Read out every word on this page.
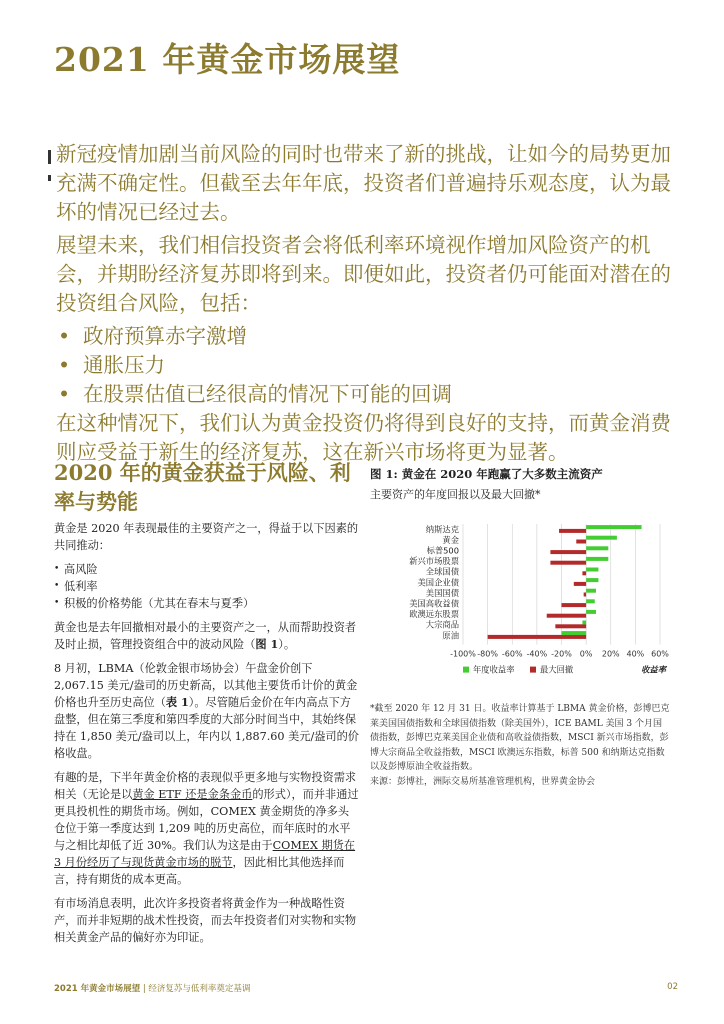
2021 年黄金市场展望

新冠疫情加剧当前风险的同时也带来了新的挑战，让如今的局势更加充满不确定性。但截至去年年底，投资者们普遍持乐观态度，认为最坏的情况已经过去。

展望未来，我们相信投资者会将低利率环境视作增加风险资产的机会，并期盼经济复苏即将到来。即便如此，投资者仍可能面对潜在的投资组合风险，包括：

• 政府预算赤字激增
• 通胀压力
• 在股票估值已经很高的情况下可能的回调

在这种情况下，我们认为黄金投资仍将得到良好的支持，而黄金消费则应受益于新生的经济复苏，这在新兴市场将更为显著。

2020 年的黄金获益于风险、利率与势能

黄金是 2020 年表现最佳的主要资产之一，得益于以下因素的共同推动：

• 高风险
• 低利率
• 积极的价格势能（尤其在春末与夏季）

黄金也是去年回撤相对最小的主要资产之一，从而帮助投资者及时止损，管理投资组合中的波动风险（图 1）。

8 月初，LBMA（伦敦金银市场协会）午盘金价创下 2,067.15 美元/盎司的历史新高，以其他主要货币计价的黄金价格也升至历史高位（表 1）。尽管随后金价在年内高点下方盘整，但在第三季度和第四季度的大部分时间当中，其始终保持在 1,850 美元/盎司以上，年内以 1,887.60 美元/盎司的价格收盘。

有趣的是，下半年黄金价格的表现似乎更多地与实物投资需求相关（无论是以黄金 ETF 还是金条金币的形式），而并非通过更具投机性的期货市场。例如，COMEX 黄金期货的净多头仓位于第一季度达到 1,209 吨的历史高位，而年底时的水平与之相比却低了近 30%。我们认为这是由于COMEX 期货在 3 月份经历了与现货黄金市场的脱节，因此相比其他选择而言，持有期货的成本更高。

有市场消息表明，此次许多投资者将黄金作为一种战略性资产，而并非短期的战术性投资，而去年投资者们对实物和实物相关黄金产品的偏好亦为印证。

图 1: 黄金在 2020 年跑赢了大多数主流资产
主要资产的年度回报以及最大回撤*
-100% -80% -60% -40% -20% 0% 20% 40% 60%
纳斯达克
黄金
标普500
新兴市场股票
全球国债
美国企业债
美国国债
美国高收益债
欧澳远东股票
大宗商品
原油
年度收益率	最大回撤	收益率
*截至 2020 年 12 月 31 日。收益率计算基于 LBMA 黄金价格，彭博巴克莱美国国债指数和全球国债指数（除美国外），ICE BAML 美国 3 个月国债指数，彭博巴克莱美国企业债和高收益债指数，MSCI 新兴市场指数，彭博大宗商品全收益指数，MSCI 欧澳远东指数，标普 500 和纳斯达克指数以及彭博原油全收益指数。
来源：彭博社，洲际交易所基准管理机构，世界黄金协会
2021 年黄金市场展望 | 经济复苏与低利率奠定基调	02
